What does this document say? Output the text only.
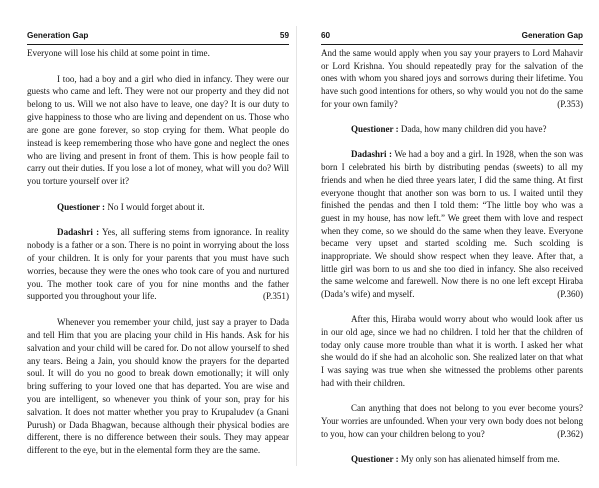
Generation Gap	59

Everyone will lose his child at some point in time.

I too, had a boy and a girl who died in infancy. They were our guests who came and left. They were not our property and they did not belong to us. Will we not also have to leave, one day? It is our duty to give happiness to those who are living and dependent on us. Those who are gone are gone forever, so stop crying for them. What people do instead is keep remembering those who have gone and neglect the ones who are living and present in front of them. This is how people fail to carry out their duties. If you lose a lot of money, what will you do? Will you torture yourself over it?

Questioner : No I would forget about it.

Dadashri : Yes, all suffering stems from ignorance. In reality nobody is a father or a son. There is no point in worrying about the loss of your children. It is only for your parents that you must have such worries, because they were the ones who took care of you and nurtured you. The mother took care of you for nine months and the father supported you throughout your life.	(P.351)

Whenever you remember your child, just say a prayer to Dada and tell Him that you are placing your child in His hands. Ask for his salvation and your child will be cared for. Do not allow yourself to shed any tears. Being a Jain, you should know the prayers for the departed soul. It will do you no good to break down emotionally; it will only bring suffering to your loved one that has departed. You are wise and you are intelligent, so whenever you think of your son, pray for his salvation. It does not matter whether you pray to Krupaludev (a Gnani Purush) or Dada Bhagwan, because although their physical bodies are different, there is no difference between their souls. They may appear different to the eye, but in the elemental form they are the same.

60	Generation Gap

And the same would apply when you say your prayers to Lord Mahavir or Lord Krishna. You should repeatedly pray for the salvation of the ones with whom you shared joys and sorrows during their lifetime. You have such good intentions for others, so why would you not do the same for your own family?	(P.353)

Questioner : Dada, how many children did you have?

Dadashri : We had a boy and a girl. In 1928, when the son was born I celebrated his birth by distributing pendas (sweets) to all my friends and when he died three years later, I did the same thing. At first everyone thought that another son was born to us. I waited until they finished the pendas and then I told them: “The little boy who was a guest in my house, has now left.” We greet them with love and respect when they come, so we should do the same when they leave. Everyone became very upset and started scolding me. Such scolding is inappropriate. We should show respect when they leave. After that, a little girl was born to us and she too died in infancy. She also received the same welcome and farewell. Now there is no one left except Hiraba (Dada’s wife) and myself.	(P.360)

After this, Hiraba would worry about who would look after us in our old age, since we had no children. I told her that the children of today only cause more trouble than what it is worth. I asked her what she would do if she had an alcoholic son. She realized later on that what I was saying was true when she witnessed the problems other parents had with their children.

Can anything that does not belong to you ever become yours? Your worries are unfounded. When your very own body does not belong to you, how can your children belong to you?	(P.362)

Questioner : My only son has alienated himself from me.
